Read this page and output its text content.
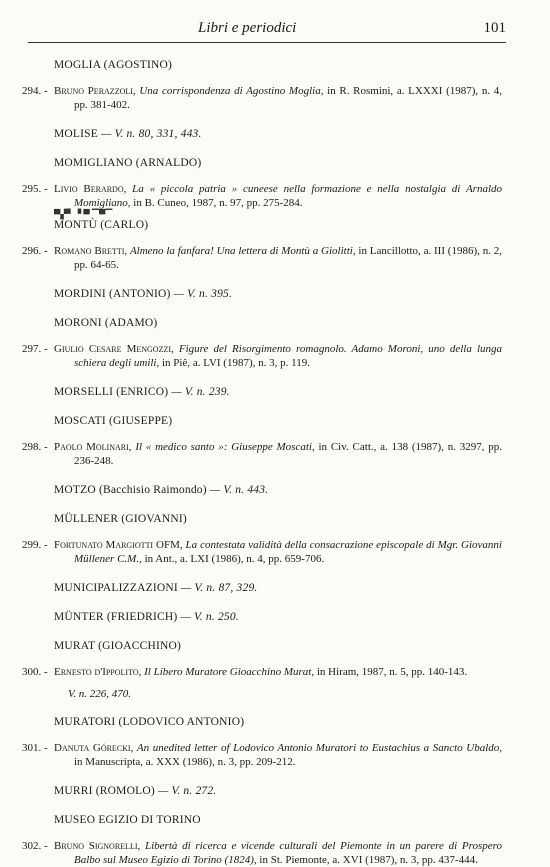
Libri e periodici	101
MOGLIA (AGOSTINO)
294. - Bruno Perazzoli, Una corrispondenza di Agostino Moglia, in R. Rosmini, a. LXXXI (1987), n. 4, pp. 381-402.
MOLISE — V. n. 80, 331, 443.
MOMIGLIANO (ARNALDO)
295. - Livio Berardo, La « piccola patria » cuneese nella formazione e nella nostalgia di Arnaldo Momigliano, in B. Cuneo, 1987, n. 97, pp. 275-284.
▀▞▘▝ ▀ ▔▀▔
MONTÙ (CARLO)
296. - Romano Bretti, Almeno la fanfara! Una lettera di Montù a Giolitti, in Lancillotto, a. III (1986), n. 2, pp. 64-65.
MORDINI (ANTONIO) — V. n. 395.
MORONI (ADAMO)
297. - Giulio Cesare Mengozzi, Figure del Risorgimento romagnolo. Adamo Moroni, uno della lunga schiera degli umili, in Piê, a. LVI (1987), n. 3, p. 119.
MORSELLI (ENRICO) — V. n. 239.
MOSCATI (GIUSEPPE)
298. - Paolo Molinari, Il « medico santo »: Giuseppe Moscati, in Civ. Catt., a. 138 (1987), n. 3297, pp. 236-248.
MOTZO (Bacchisio Raimondo) — V. n. 443.
MÜLLENER (GIOVANNI)
299. - Fortunato Margiotti OFM, La contestata validità della consacrazione episcopale di Mgr. Giovanni Müllener C.M., in Ant., a. LXI (1986), n. 4, pp. 659-706.
MUNICIPALIZZAZIONI — V. n. 87, 329.
MÜNTER (FRIEDRICH) — V. n. 250.
MURAT (GIOACCHINO)
300. - Ernesto d'Ippolito, Il Libero Muratore Gioacchino Murat, in Hiram, 1987, n. 5, pp. 140-143.
V. n. 226, 470.
MURATORI (LODOVICO ANTONIO)
301. - Danuta Górecki, An unedited letter of Lodovico Antonio Muratori to Eustachius a Sancto Ubaldo, in Manuscripta, a. XXX (1986), n. 3, pp. 209-212.
MURRI (ROMOLO) — V. n. 272.
MUSEO EGIZIO DI TORINO
302. - Bruno Signorelli, Libertà di ricerca e vicende culturali del Piemonte in un parere di Prospero Balbo sul Museo Egizio di Torino (1824), in St. Piemonte, a. XVI (1987), n. 3, pp. 437-444.
